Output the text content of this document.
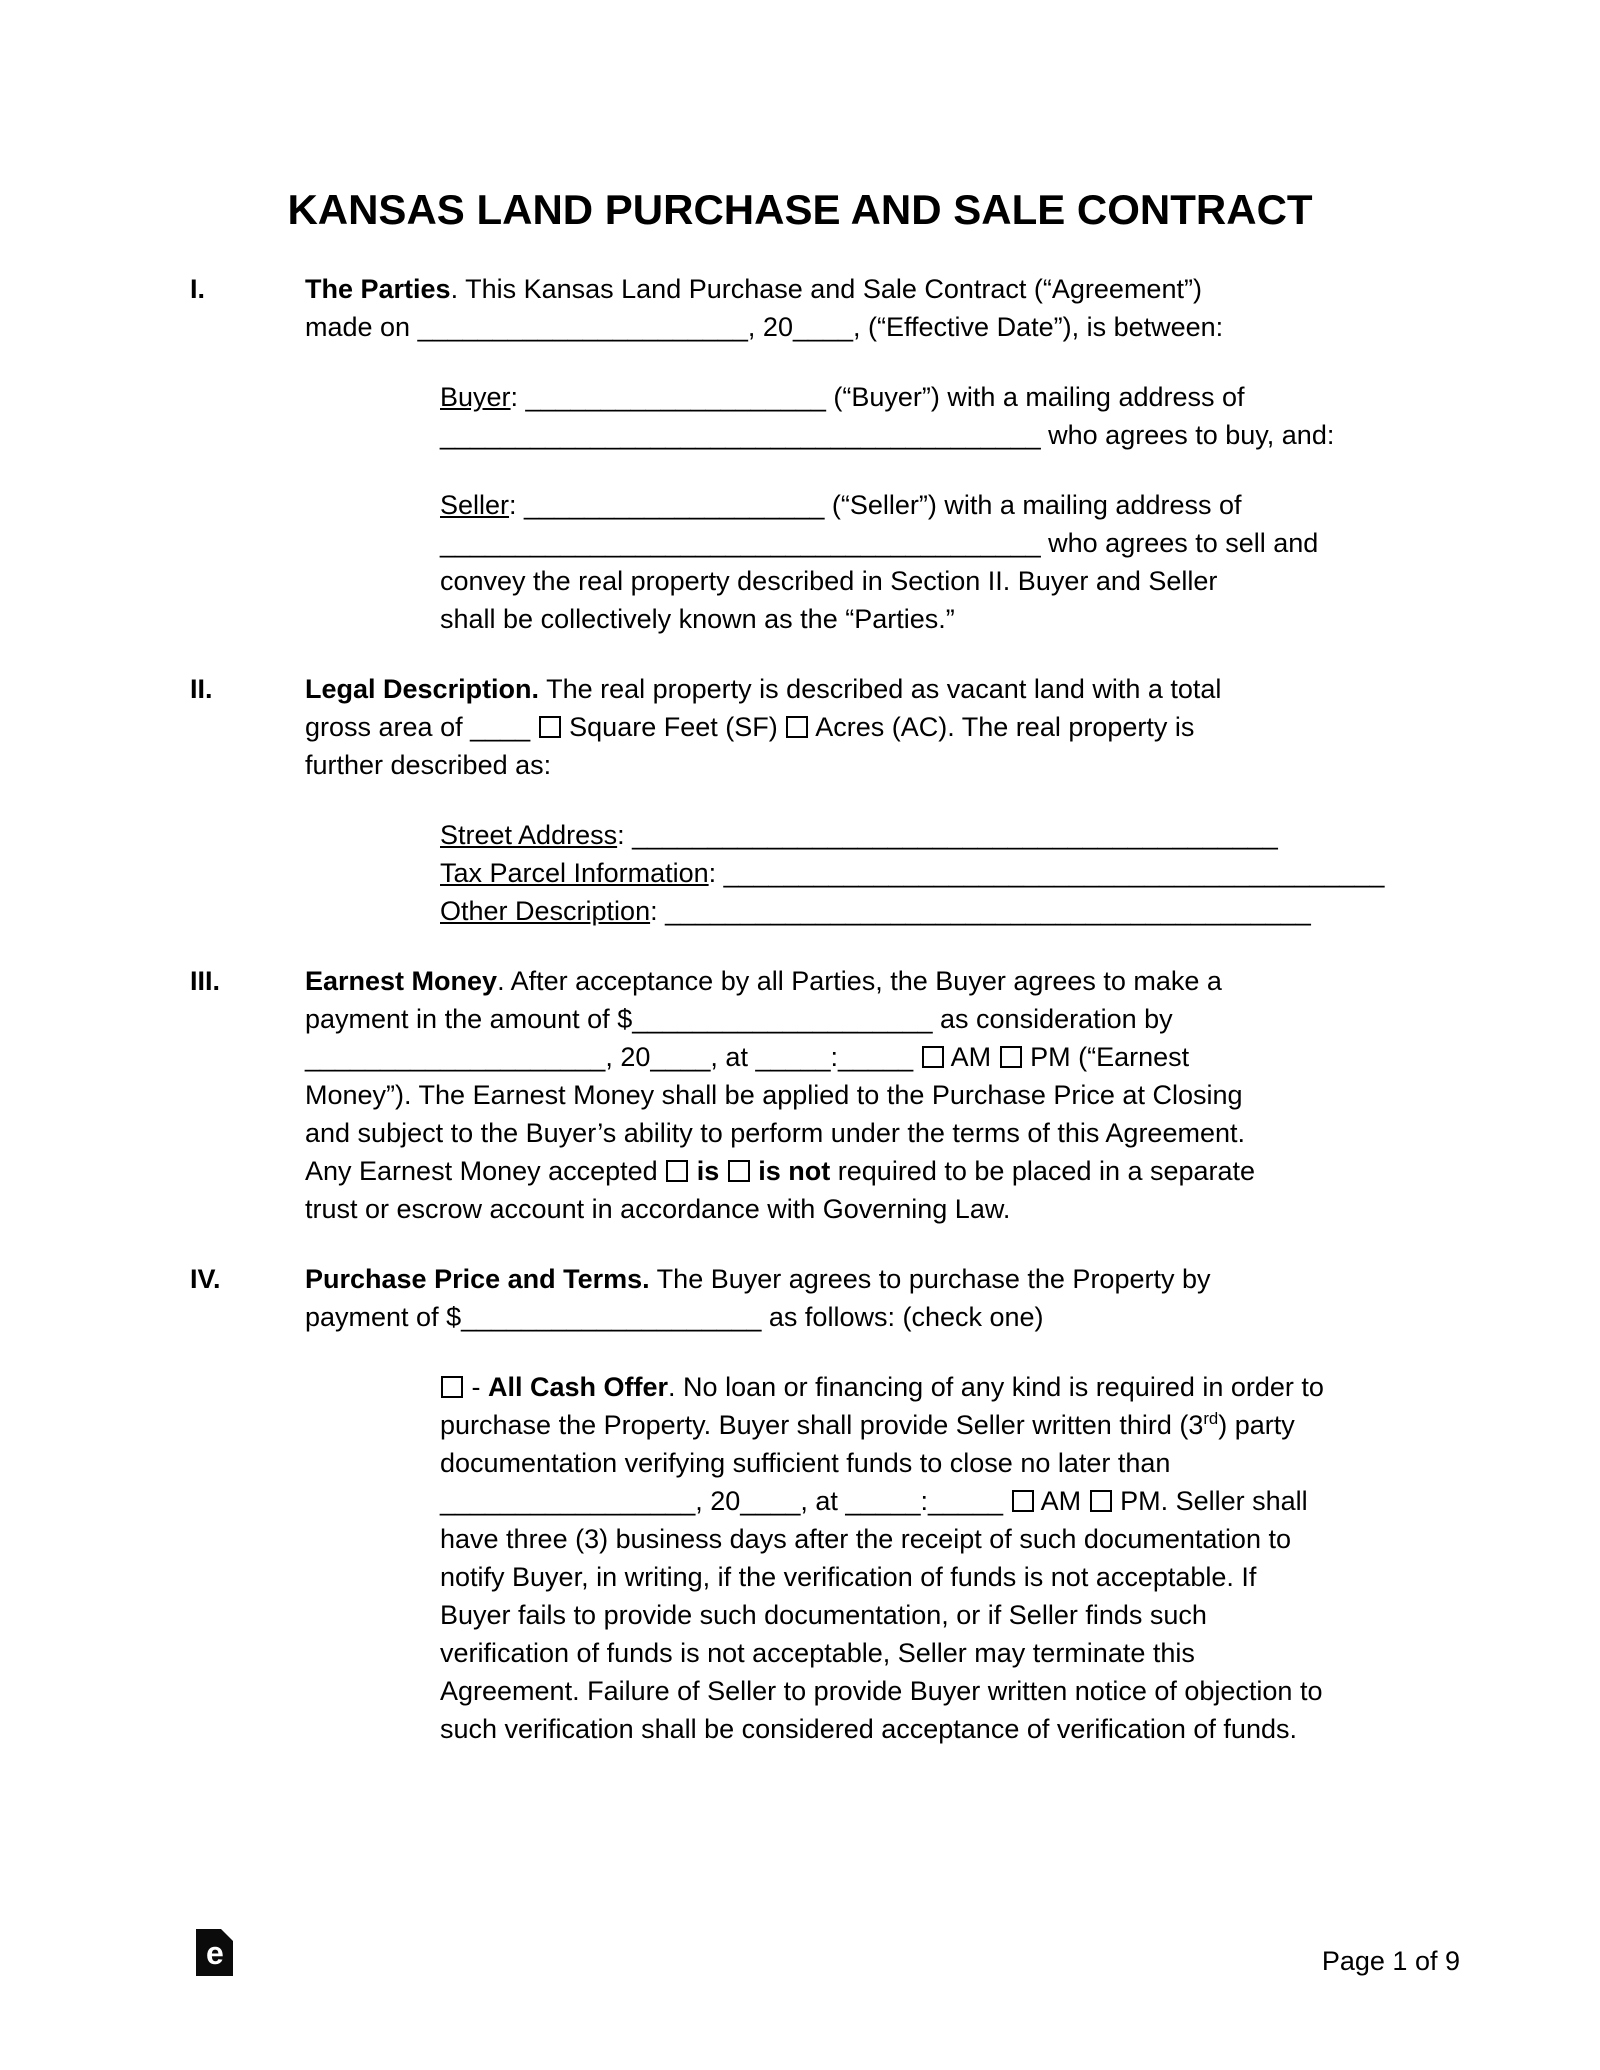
KANSAS LAND PURCHASE AND SALE CONTRACT
I.	The Parties. This Kansas Land Purchase and Sale Contract (“Agreement”)
made on ______________________, 20____, (“Effective Date”), is between:
Buyer: ____________________ (“Buyer”) with a mailing address of
________________________________________ who agrees to buy, and:
Seller: ____________________ (“Seller”) with a mailing address of
________________________________________ who agrees to sell and
convey the real property described in Section II. Buyer and Seller
shall be collectively known as the “Parties.”
II.	Legal Description. The real property is described as vacant land with a total
gross area of ____  Square Feet (SF)  Acres (AC). The real property is
further described as:
Street Address: ___________________________________________
Tax Parcel Information: ____________________________________________
Other Description: ___________________________________________
III.	Earnest Money. After acceptance by all Parties, the Buyer agrees to make a
payment in the amount of $____________________ as consideration by
____________________, 20____, at _____:_____  AM  PM (“Earnest
Money”). The Earnest Money shall be applied to the Purchase Price at Closing
and subject to the Buyer’s ability to perform under the terms of this Agreement.
Any Earnest Money accepted  is is not required to be placed in a separate
trust or escrow account in accordance with Governing Law.
IV.	Purchase Price and Terms. The Buyer agrees to purchase the Property by
payment of $____________________ as follows: (check one)
- All Cash Offer. No loan or financing of any kind is required in order to
purchase the Property. Buyer shall provide Seller written third (3rd) party
documentation verifying sufficient funds to close no later than
_________________, 20____, at _____:_____  AM  PM. Seller shall
have three (3) business days after the receipt of such documentation to
notify Buyer, in writing, if the verification of funds is not acceptable. If
Buyer fails to provide such documentation, or if Seller finds such
verification of funds is not acceptable, Seller may terminate this
Agreement. Failure of Seller to provide Buyer written notice of objection to
such verification shall be considered acceptance of verification of funds.
e	Page 1 of 9
